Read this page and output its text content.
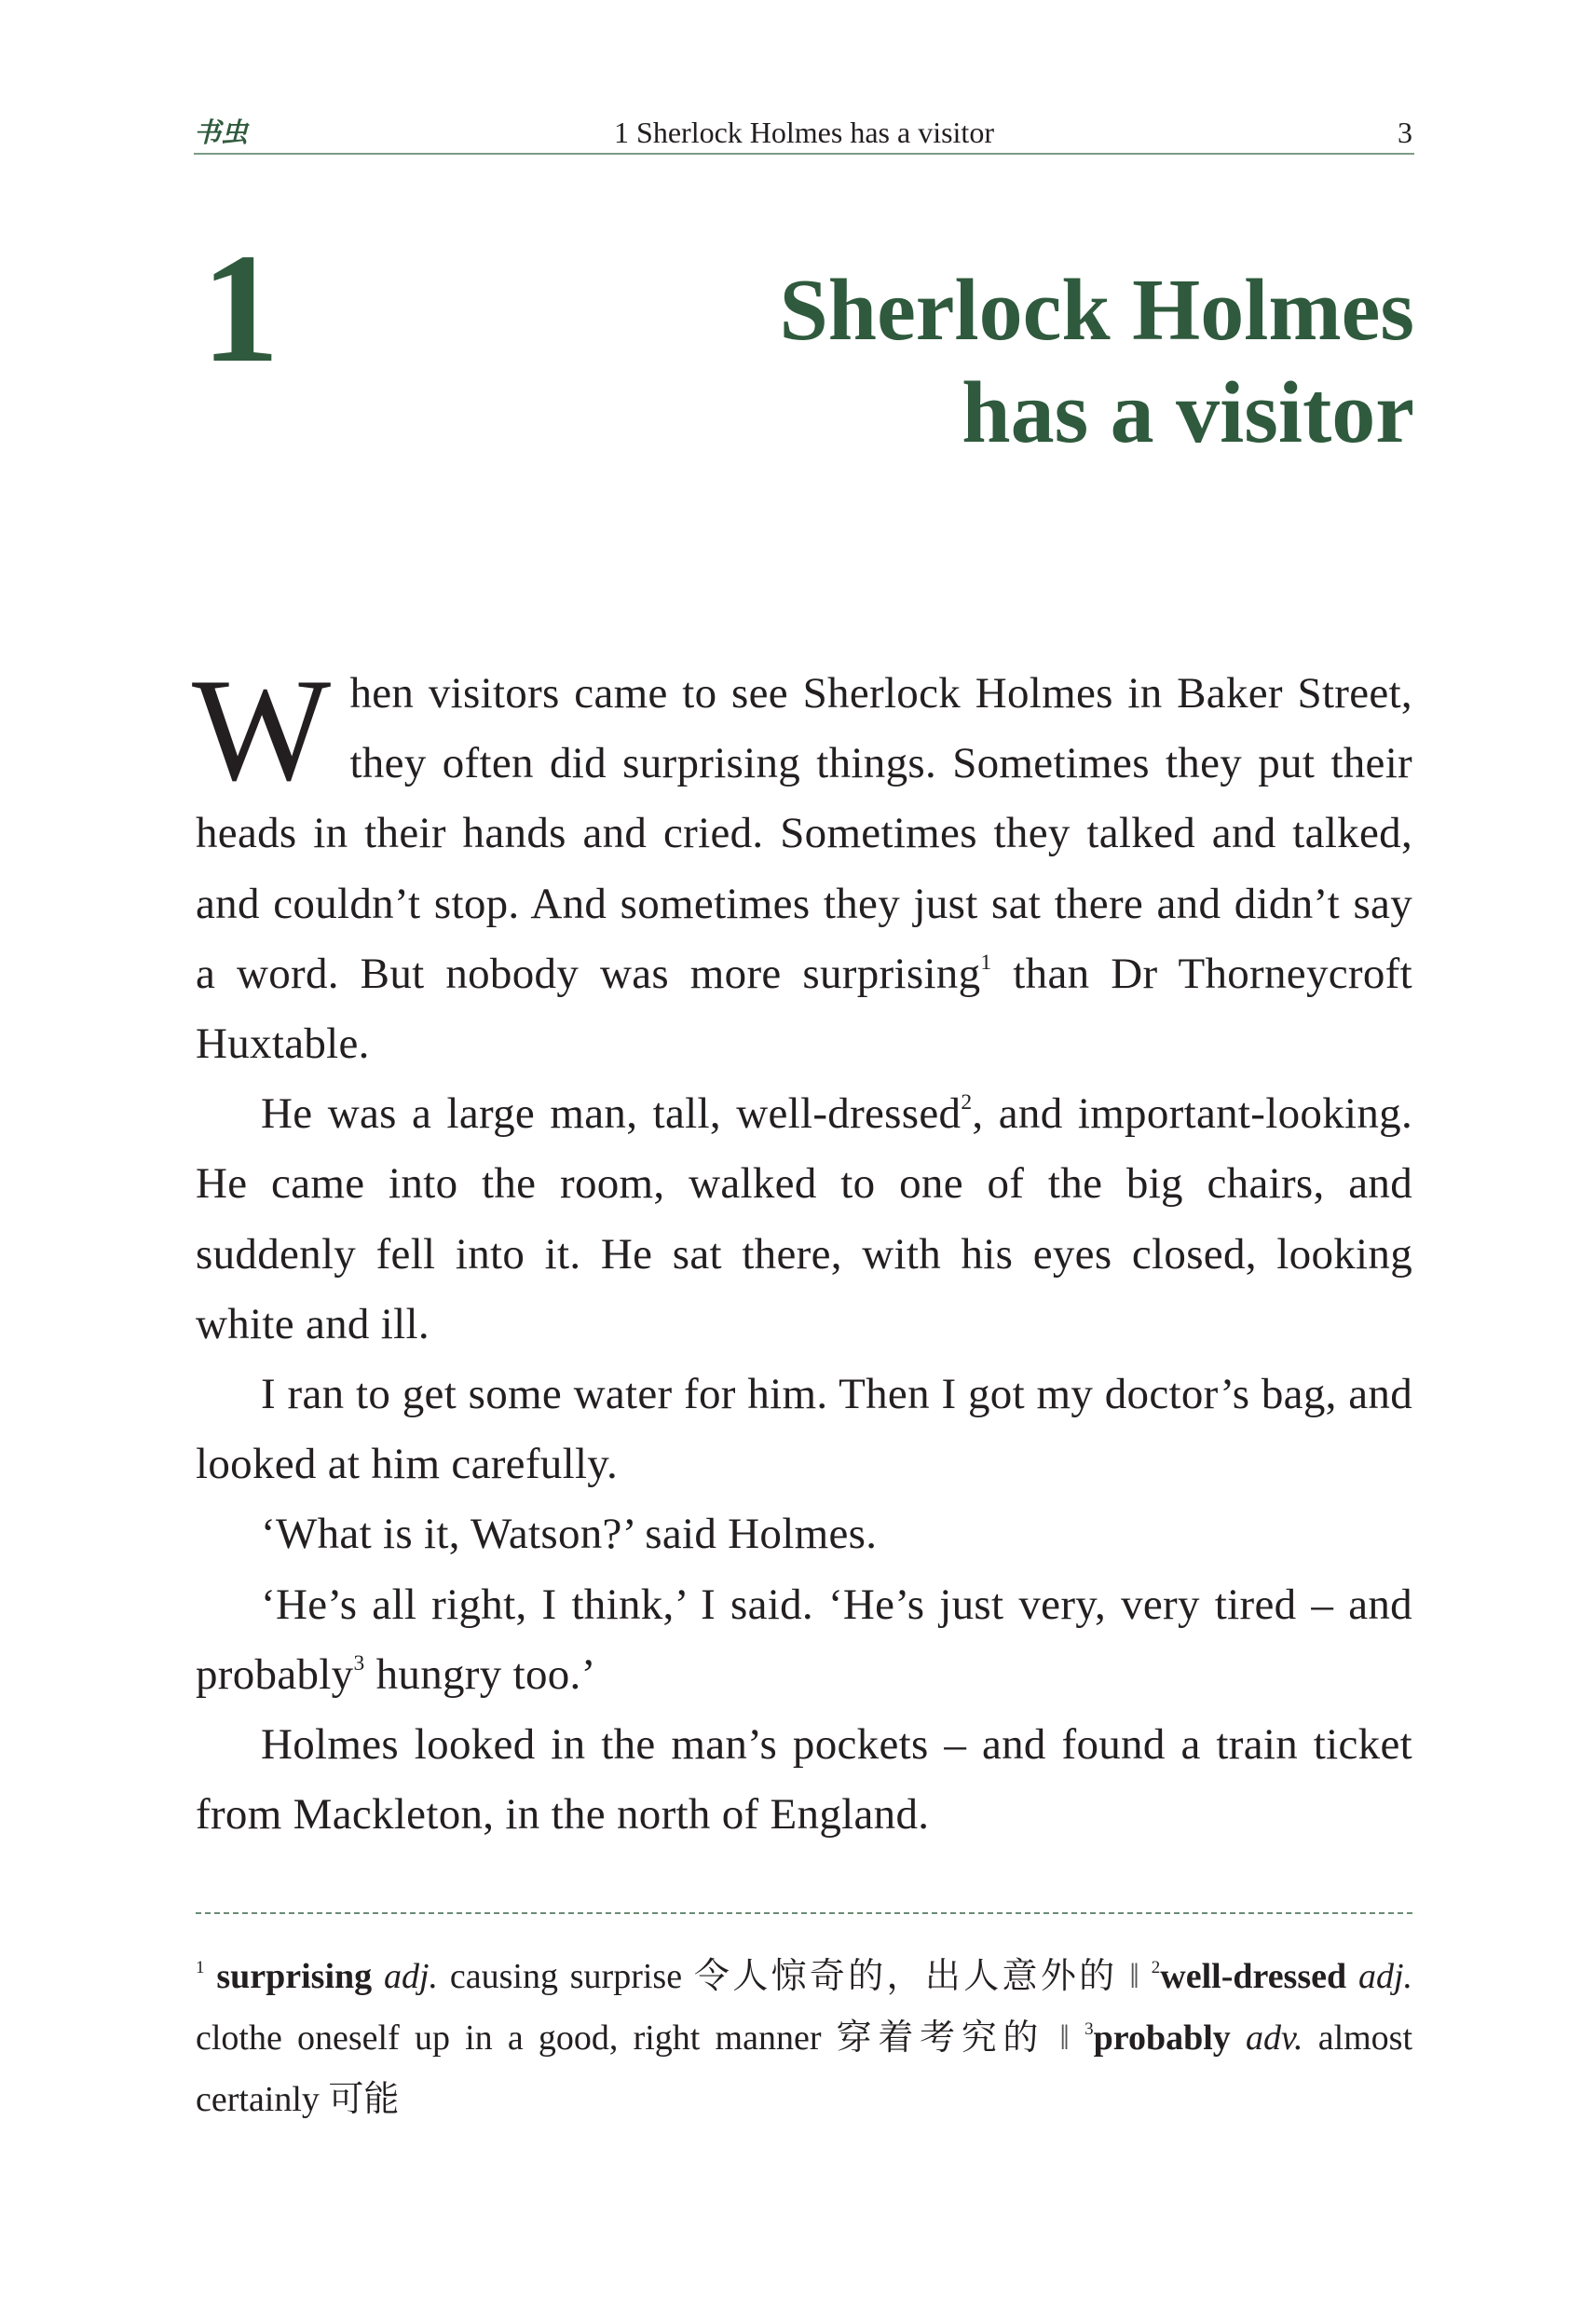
书虫	1 Sherlock Holmes has a visitor	3
1	Sherlock Holmes
has a visitor

When visitors came to see Sherlock Holmes in Baker Street, they often did surprising things. Sometimes they put their heads in their hands and cried. Sometimes they talked and talked, and couldn’t stop. And sometimes they just sat there and didn’t say a word. But nobody was more surprising$^1$ than Dr Thorneycroft Huxtable.

He was a large man, tall, well-dressed$^2$, and important-looking. He came into the room, walked to one of the big chairs, and suddenly fell into it. He sat there, with his eyes closed, looking white and ill.

I ran to get some water for him. Then I got my doctor’s bag, and looked at him carefully.

‘What is it, Watson?’ said Holmes.

‘He’s all right, I think,’ I said. ‘He’s just very, very tired – and probably$^3$ hungry too.’

Holmes looked in the man’s pockets – and found a train ticket from Mackleton, in the north of England.

$^1$ surprising adj. causing surprise 令人惊奇的，出人意外的 ‖ $^2$well-dressed adj. clothe oneself up in a good, right manner 穿着考究的 ‖ $^3$probably adv. almost certainly 可能
